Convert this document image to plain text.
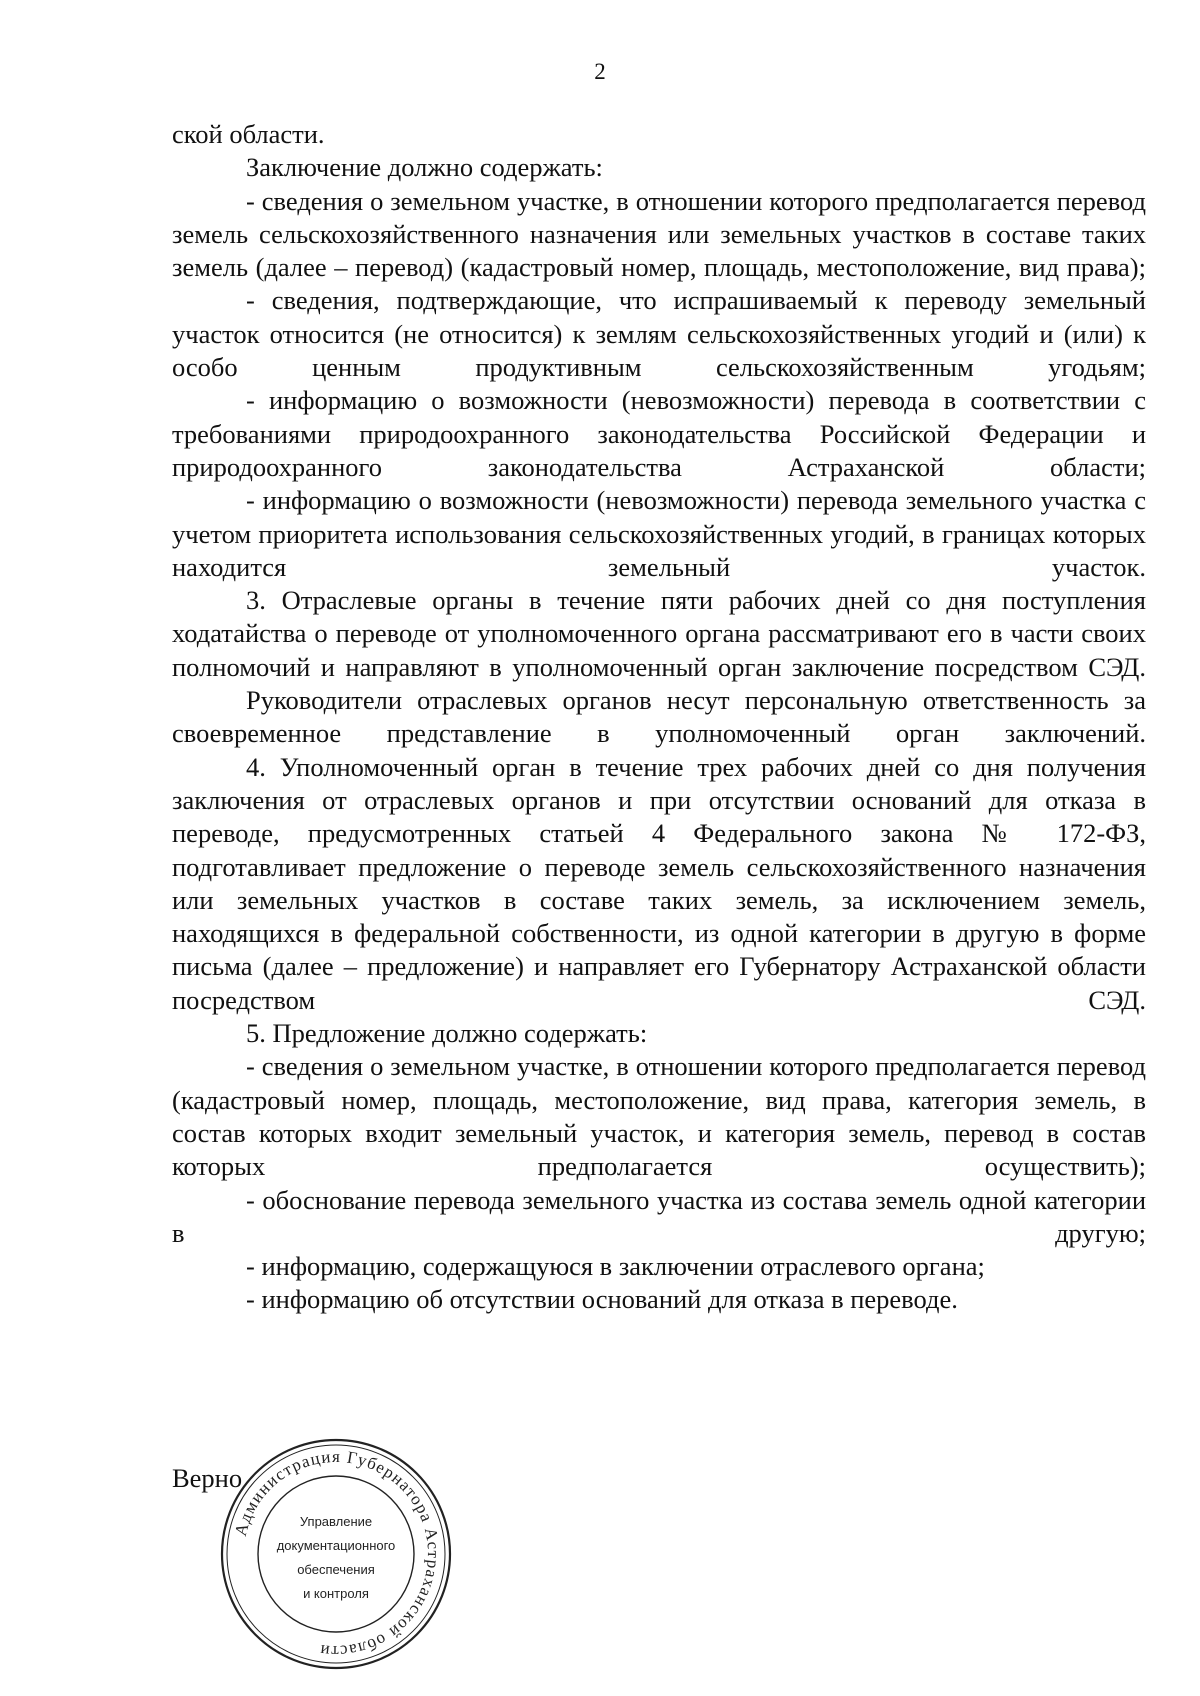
2

ской области.

Заключение должно содержать:

- сведения о земельном участке, в отношении которого предполагается перевод земель сельскохозяйственного назначения или земельных участков в составе таких земель (далее – перевод) (кадастровый номер, площадь, местоположение, вид права);

- сведения, подтверждающие, что испрашиваемый к переводу земельный участок относится (не относится) к землям сельскохозяйственных угодий и (или) к особо ценным продуктивным сельскохозяйственным угодьям;

- информацию о возможности (невозможности) перевода в соответствии с требованиями природоохранного законодательства Российской Федерации и природоохранного законодательства Астраханской области;

- информацию о возможности (невозможности) перевода земельного участка с учетом приоритета использования сельскохозяйственных угодий, в границах которых находится земельный участок.

3. Отраслевые органы в течение пяти рабочих дней со дня поступления ходатайства о переводе от уполномоченного органа рассматривают его в части своих полномочий и направляют в уполномоченный орган заключение посредством СЭД.

Руководители отраслевых органов несут персональную ответственность за своевременное представление в уполномоченный орган заключений.

4. Уполномоченный орган в течение трех рабочих дней со дня получения заключения от отраслевых органов и при отсутствии оснований для отказа в переводе, предусмотренных статьей 4 Федерального закона № 172-ФЗ, подготавливает предложение о переводе земель сельскохозяйственного назначения или земельных участков в составе таких земель, за исключением земель, находящихся в федеральной собственности, из одной категории в другую в форме письма (далее – предложение) и направляет его Губернатору Астраханской области посредством СЭД.

5. Предложение должно содержать:

- сведения о земельном участке, в отношении которого предполагается перевод (кадастровый номер, площадь, местоположение, вид права, категория земель, в состав которых входит земельный участок, и категория земель, перевод в состав которых предполагается осуществить);

- обоснование перевода земельного участка из состава земель одной категории в другую;

- информацию, содержащуюся в заключении отраслевого органа;

- информацию об отсутствии оснований для отказа в переводе.

Верно
Администрация Губернатора Астраханской области
Управление
документационного
обеспечения
и контроля
